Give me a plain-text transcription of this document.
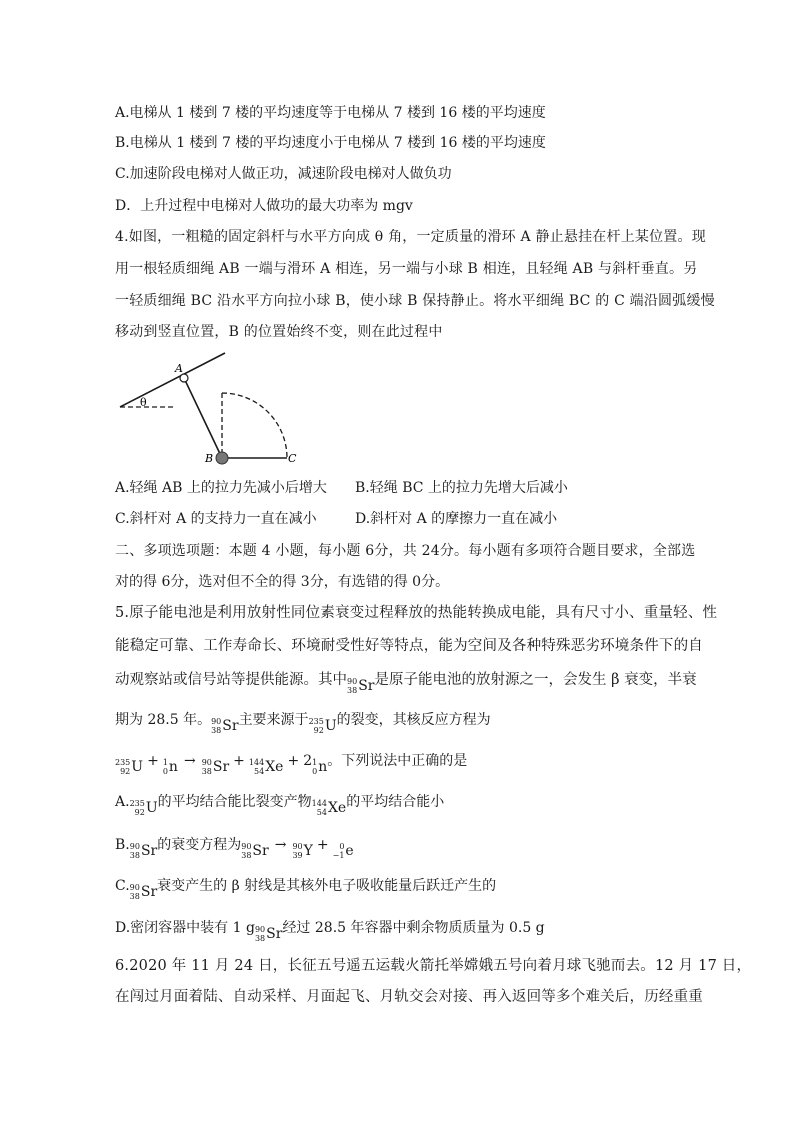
A.电梯从 1 楼到 7 楼的平均速度等于电梯从 7 楼到 16 楼的平均速度
B.电梯从 1 楼到 7 楼的平均速度小于电梯从 7 楼到 16 楼的平均速度
C.加速阶段电梯对人做正功，减速阶段电梯对人做负功
D．上升过程中电梯对人做功的最大功率为 mgv
4.如图，一粗糙的固定斜杆与水平方向成 θ 角，一定质量的滑环 A 静止悬挂在杆上某位置。现
用一根轻质细绳 AB 一端与滑环 A 相连，另一端与小球 B 相连，且轻绳 AB 与斜杆垂直。另
一轻质细绳 BC 沿水平方向拉小球 B，使小球 B 保持静止。将水平细绳 BC 的 C 端沿圆弧缓慢
移动到竖直位置，B 的位置始终不变，则在此过程中
θ
A
B	C
A.轻绳 AB 上的拉力先减小后增大 B.轻绳 BC 上的拉力先增大后减小
C.斜杆对 A 的支持力一直在减小	D.斜杆对 A 的摩擦力一直在减小
二、多项选项题：本题 4 小题，每小题 6分，共 24分。每小题有多项符合题目要求，全部选
对的得 6分，选对但不全的得 3分，有选错的得 0分。
5.原子能电池是利用放射性同位素衰变过程释放的热能转换成电能，具有尺寸小、重量轻、性
能稳定可靠、工作寿命长、环境耐受性好等特点，能为空间及各种特殊恶劣环境条件下的自
动观察站或信号站等提供能源。其中 90
38 Sr 是原子能电池的放射源之一，会发生 β 衰变，半衰
期为 28.5 年。 90
38 Sr 主要来源于 235
92 U 的裂变，其核反应方程为
235
92 U + 1
0 n → 90
38 Sr + 144
54 Xe + 2 1
0 n 。下列说法中正确的是
A. 235
92 U 的平均结合能比裂变产物 144
54 Xe 的平均结合能小
B. 90
38 Sr 的衰变方程为 90
38 Sr → 90
39 Y +	0
−1 e
C. 90
38 Sr 衰变产生的 β 射线是其核外电子吸收能量后跃迁产生的
D.密闭容器中装有 1 g 90
38 Sr 经过 28.5 年容器中剩余物质质量为 0.5 g
6.2020 年 11 月 24 日，长征五号遥五运载火箭托举嫦娥五号向着月球飞驰而去。12 月 17 日，
在闯过月面着陆、自动采样、月面起飞、月轨交会对接、再入返回等多个难关后，历经重重
